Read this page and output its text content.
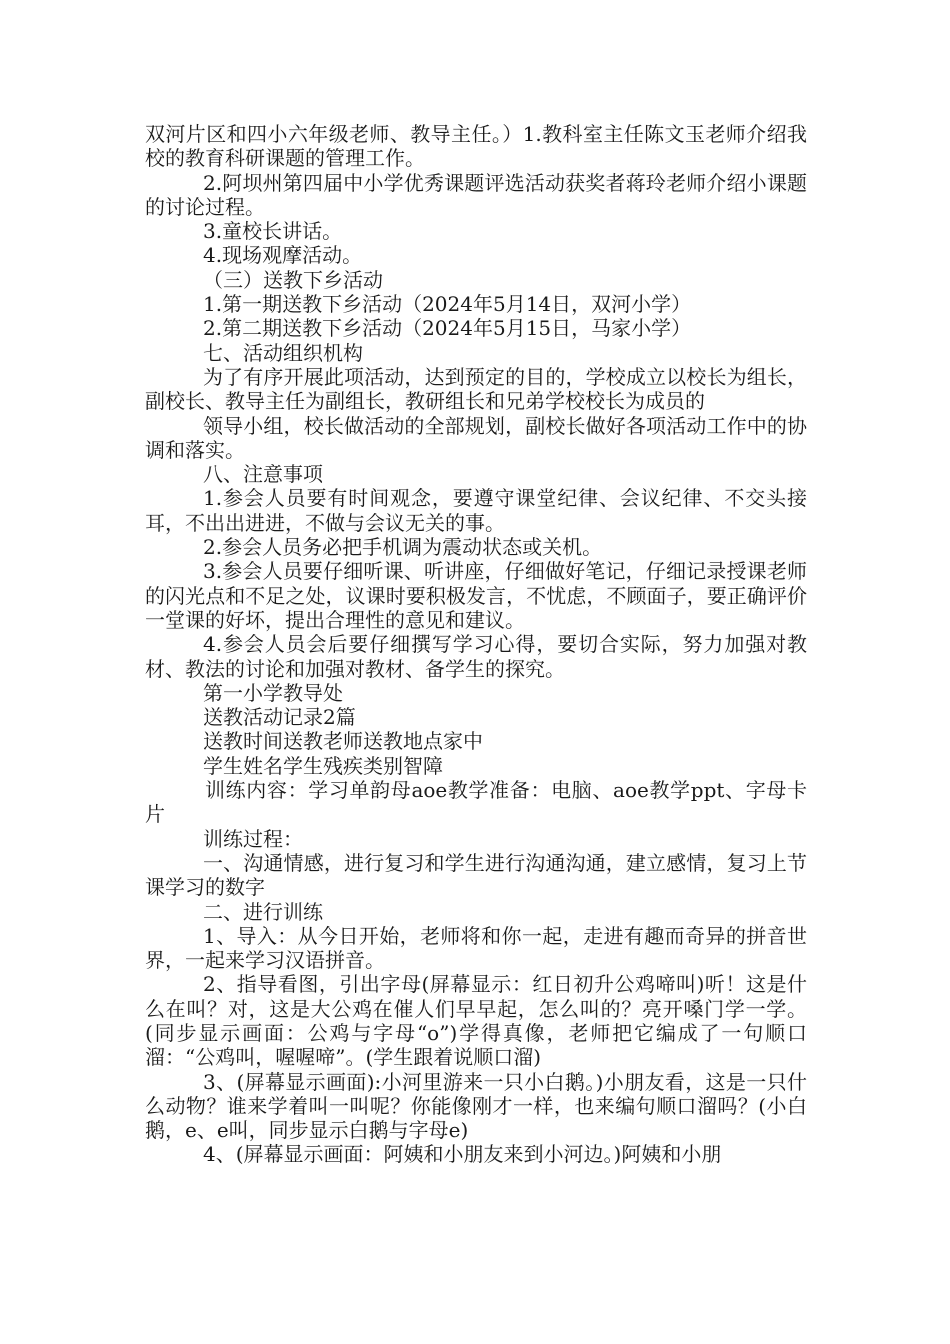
双河片区和四小六年级老师、教导主任。）1.教科室主任陈文玉老师介绍我校的教育科研课题的管理工作。

2.阿坝州第四届中小学优秀课题评选活动获奖者蒋玲老师介绍小课题的讨论过程。

3.童校长讲话。

4.现场观摩活动。

（三）送教下乡活动

1.第一期送教下乡活动（2024年5月14日，双河小学）

2.第二期送教下乡活动（2024年5月15日，马家小学）

七、活动组织机构

为了有序开展此项活动，达到预定的目的，学校成立以校长为组长，副校长、教导主任为副组长，教研组长和兄弟学校校长为成员的

领导小组，校长做活动的全部规划，副校长做好各项活动工作中的协调和落实。

八、注意事项

1.参会人员要有时间观念，要遵守课堂纪律、会议纪律、不交头接耳，不出出进进，不做与会议无关的事。

2.参会人员务必把手机调为震动状态或关机。

3.参会人员要仔细听课、听讲座，仔细做好笔记，仔细记录授课老师的闪光点和不足之处，议课时要积极发言，不忧虑，不顾面子，要正确评价一堂课的好坏，提出合理性的意见和建议。

4.参会人员会后要仔细撰写学习心得，要切合实际，努力加强对教材、教法的讨论和加强对教材、备学生的探究。

第一小学教导处

送教活动记录2篇

送教时间送教老师送教地点家中

学生姓名学生残疾类别智障

训练内容：学习单韵母aoe教学准备：电脑、aoe教学ppt、字母卡片

训练过程：

一、沟通情感，进行复习和学生进行沟通沟通，建立感情，复习上节课学习的数字

二、进行训练

1、导入：从今日开始，老师将和你一起，走进有趣而奇异的拼音世界，一起来学习汉语拼音。

2、指导看图，引出字母(屏幕显示：红日初升公鸡啼叫)听！这是什么在叫？对，这是大公鸡在催人们早早起，怎么叫的？亮开嗓门学一学。(同步显示画面：公鸡与字母“o”)学得真像，老师把它编成了一句顺口溜：“公鸡叫，喔喔啼”。(学生跟着说顺口溜)

3、(屏幕显示画面):小河里游来一只小白鹅。)小朋友看，这是一只什么动物？谁来学着叫一叫呢？你能像刚才一样，也来编句顺口溜吗？(小白鹅，e、e叫，同步显示白鹅与字母e)

4、(屏幕显示画面：阿姨和小朋友来到小河边。)阿姨和小朋
